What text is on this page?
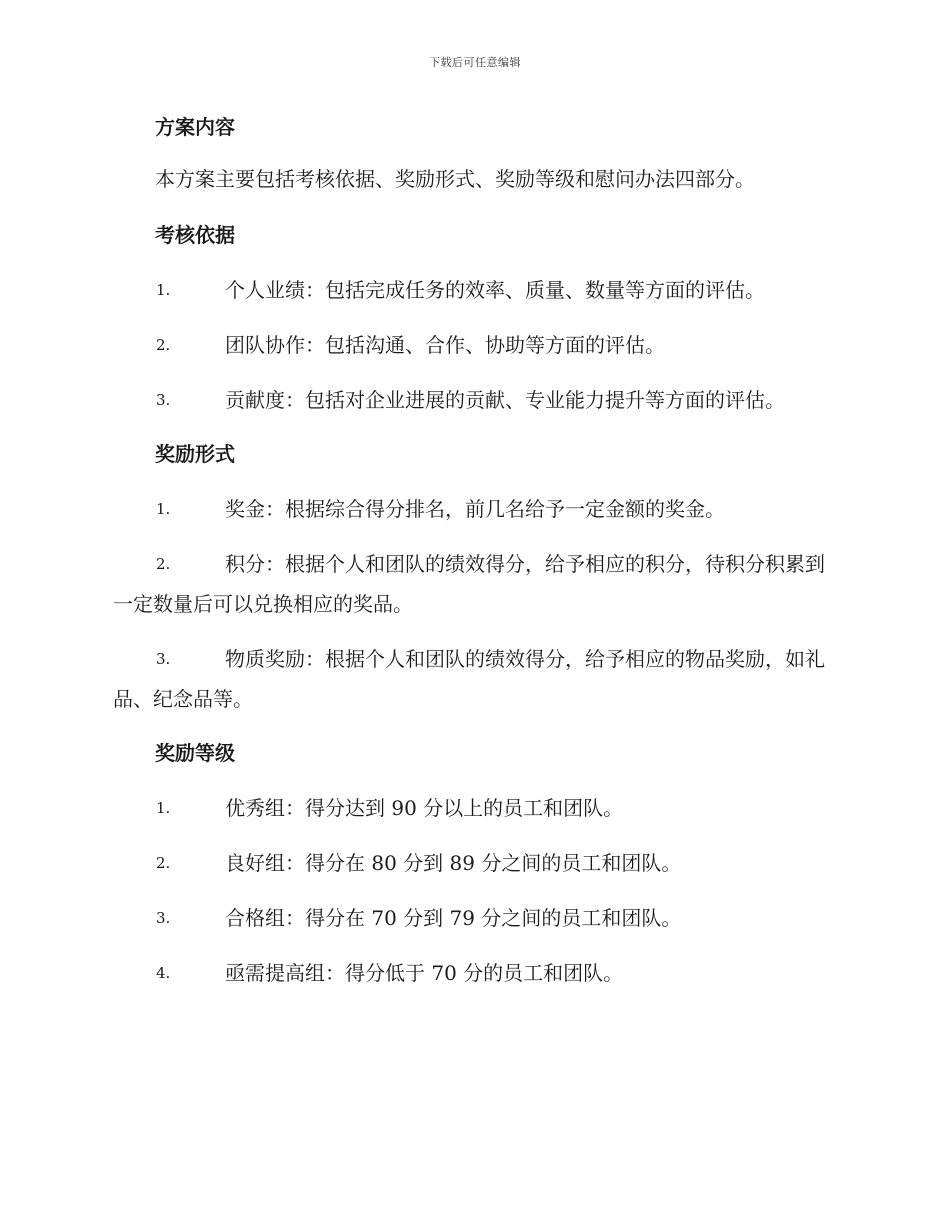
下载后可任意编辑
方案内容
本方案主要包括考核依据、奖励形式、奖励等级和慰问办法四部分。
考核依据
1.	个人业绩：包括完成任务的效率、质量、数量等方面的评估。
2.	团队协作：包括沟通、合作、协助等方面的评估。
3.	贡献度：包括对企业进展的贡献、专业能力提升等方面的评估。
奖励形式
1.	奖金：根据综合得分排名，前几名给予一定金额的奖金。
2.	积分：根据个人和团队的绩效得分，给予相应的积分，待积分积累到一定数量后可以兑换相应的奖品。
3.	物质奖励：根据个人和团队的绩效得分，给予相应的物品奖励，如礼品、纪念品等。
奖励等级
1.	优秀组：得分达到 90 分以上的员工和团队。
2.	良好组：得分在 80 分到 89 分之间的员工和团队。
3.	合格组：得分在 70 分到 79 分之间的员工和团队。
4.	亟需提高组：得分低于 70 分的员工和团队。
